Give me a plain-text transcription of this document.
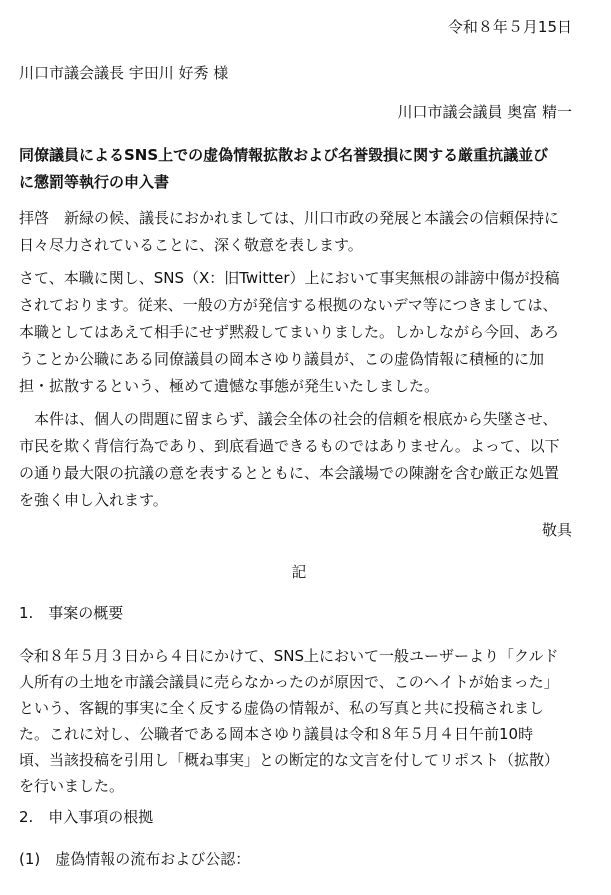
令和８年５月15日
川口市議会議長 宇田川 好秀 様
川口市議会議員 奥富 精一
同僚議員によるSNS上での虚偽情報拡散および名誉毀損に関する厳重抗議並び
に懲罰等執行の申入書
拝啓　新緑の候、議長におかれましては、川口市政の発展と本議会の信頼保持に
日々尽力されていることに、深く敬意を表します。
さて、本職に関し、SNS（X：旧Twitter）上において事実無根の誹謗中傷が投稿
されております。従来、一般の方が発信する根拠のないデマ等につきましては、
本職としてはあえて相手にせず黙殺してまいりました。しかしながら今回、あろ
うことか公職にある同僚議員の岡本さゆり議員が、この虚偽情報に積極的に加
担・拡散するという、極めて遺憾な事態が発生いたしました。
　本件は、個人の問題に留まらず、議会全体の社会的信頼を根底から失墜させ、
市民を欺く背信行為であり、到底看過できるものではありません。よって、以下
の通り最大限の抗議の意を表するとともに、本会議場での陳謝を含む厳正な処置
を強く申し入れます。
敬具
記
1.　事案の概要
令和８年５月３日から４日にかけて、SNS上において一般ユーザーより「クルド
人所有の土地を市議会議員に売らなかったのが原因で、このヘイトが始まった」
という、客観的事実に全く反する虚偽の情報が、私の写真と共に投稿されまし
た。これに対し、公職者である岡本さゆり議員は令和８年５月４日午前10時
頃、当該投稿を引用し「概ね事実」との断定的な文言を付してリポスト（拡散）
を行いました。
2.　申入事項の根拠
(1)　虚偽情報の流布および公認：
